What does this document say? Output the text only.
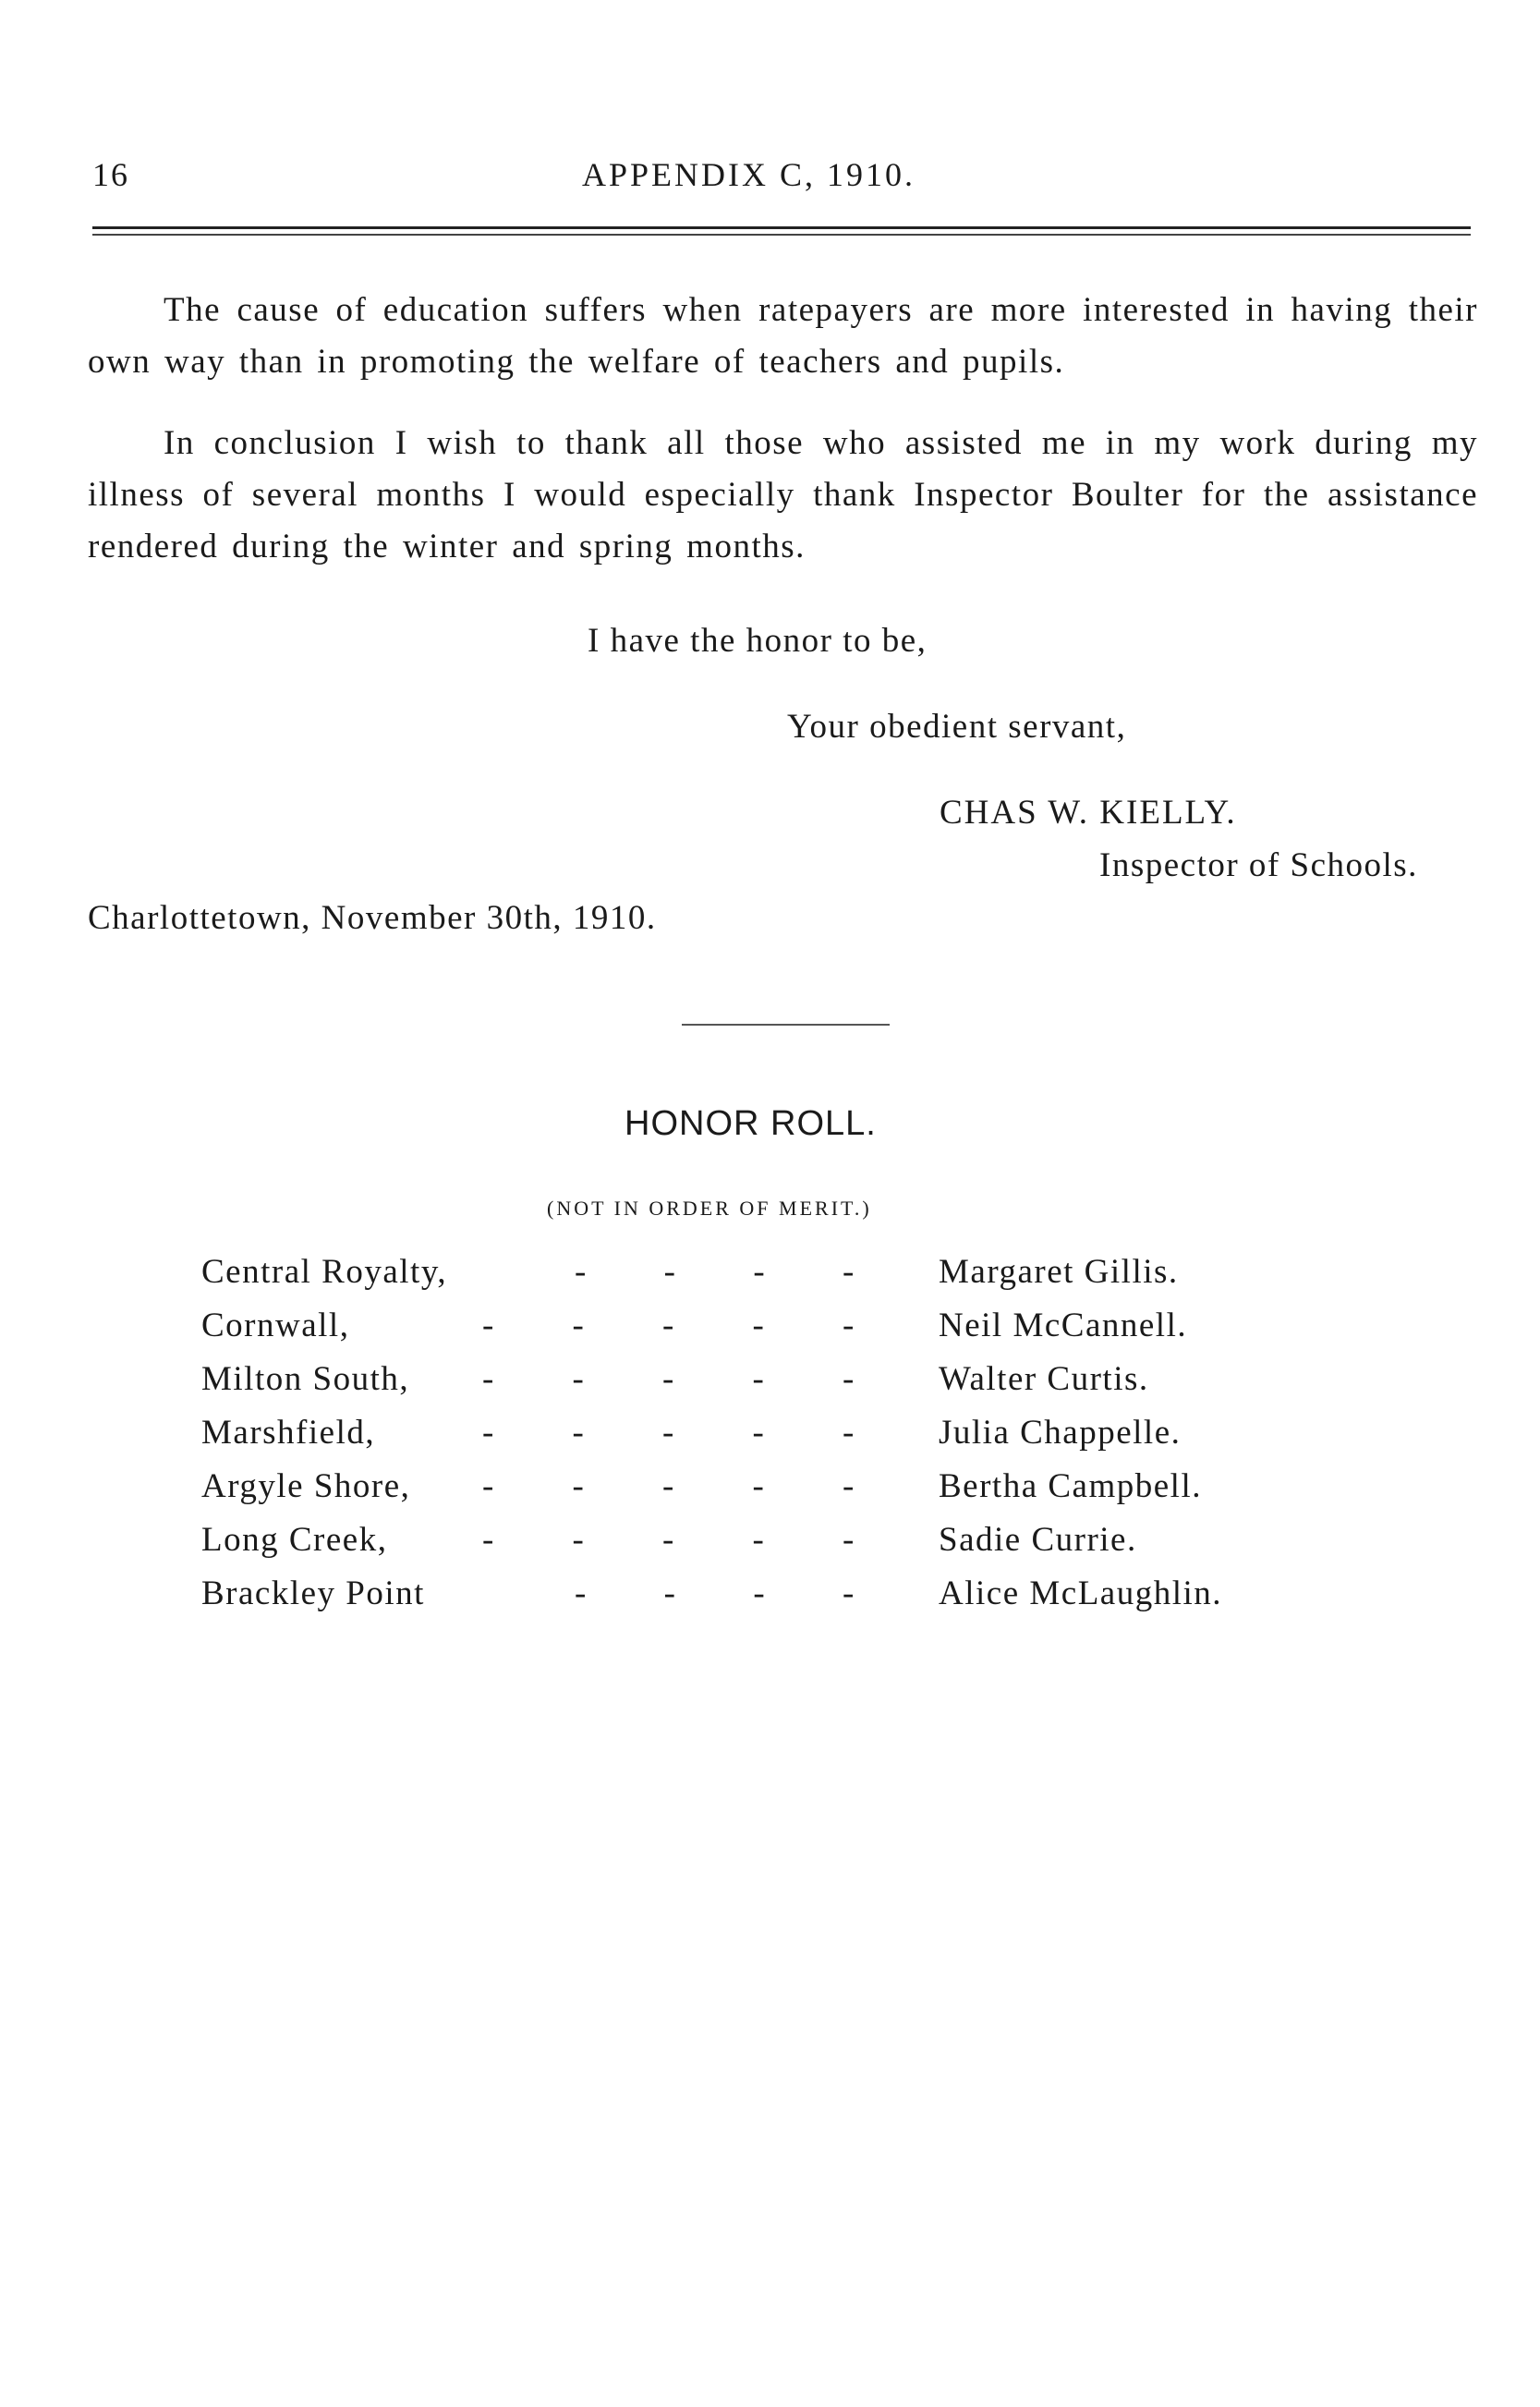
16	APPENDIX C, 1910.

The cause of education suffers when ratepayers are more interested in having their own way than in promoting the welfare of teachers and pupils.

In conclusion I wish to thank all those who assisted me in my work during my illness of several months I would especially thank Inspector Boulter for the assistance rendered during the winter and spring months.

I have the honor to be,
Your obedient servant,
CHAS W. KIELLY.
Inspector of Schools.
Charlottetown, November 30th, 1910.
HONOR ROLL.
(NOT IN ORDER OF MERIT.)
Central Royalty,	- - - - Margaret Gillis.
Cornwall,	- - - - - Neil McCannell.
Milton South, - - - - - Walter Curtis.
Marshfield,	- - - - - Julia Chappelle.
Argyle Shore, - - - - - Bertha Campbell.
Long Creek,	- - - - - Sadie Currie.
Brackley Point	- - - - Alice McLaughlin.
